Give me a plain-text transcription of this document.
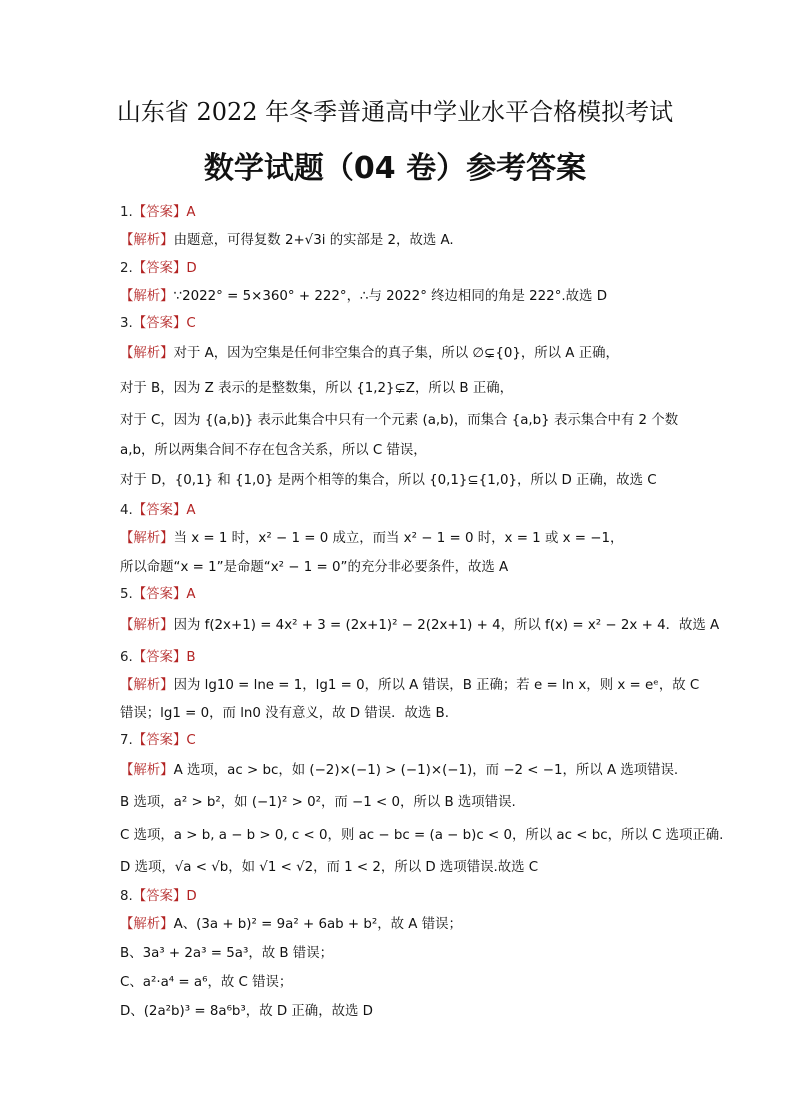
山东省 2022 年冬季普通高中学业水平合格模拟考试
数学试题（04 卷）参考答案
1.【答案】A
【解析】由题意，可得复数 2+√3i 的实部是 2，故选 A.
2.【答案】D
【解析】∵2022° = 5×360° + 222°，∴与 2022° 终边相同的角是 222°.故选 D
3.【答案】C
【解析】对于 A，因为空集是任何非空集合的真子集，所以 ∅⊊{0}，所以 A 正确，
对于 B，因为 Z 表示的是整数集，所以 {1,2}⊊Z，所以 B 正确，
对于 C，因为 {(a,b)} 表示此集合中只有一个元素 (a,b)，而集合 {a,b} 表示集合中有 2 个数
a,b，所以两集合间不存在包含关系，所以 C 错误，
对于 D，{0,1} 和 {1,0} 是两个相等的集合，所以 {0,1}⊆{1,0}，所以 D 正确，故选 C
4.【答案】A
【解析】当 x = 1 时，x² − 1 = 0 成立，而当 x² − 1 = 0 时，x = 1 或 x = −1，
所以命题“x = 1”是命题“x² − 1 = 0”的充分非必要条件，故选 A
5.【答案】A
【解析】因为 f(2x+1) = 4x² + 3 = (2x+1)² − 2(2x+1) + 4，所以 f(x) = x² − 2x + 4．故选 A
6.【答案】B
【解析】因为 lg10 = lne = 1，lg1 = 0，所以 A 错误，B 正确；若 e = ln x，则 x = eᵉ，故 C
错误；lg1 = 0，而 ln0 没有意义，故 D 错误．故选 B.
7.【答案】C
【解析】A 选项，ac > bc，如 (−2)×(−1) > (−1)×(−1)，而 −2 < −1，所以 A 选项错误.
B 选项，a² > b²，如 (−1)² > 0²，而 −1 < 0，所以 B 选项错误.
C 选项，a > b, a − b > 0, c < 0，则 ac − bc = (a − b)c < 0，所以 ac < bc，所以 C 选项正确.
D 选项，√a < √b，如 √1 < √2，而 1 < 2，所以 D 选项错误.故选 C
8.【答案】D
【解析】A、(3a + b)² = 9a² + 6ab + b²，故 A 错误；
B、3a³ + 2a³ = 5a³，故 B 错误；
C、a²·a⁴ = a⁶，故 C 错误；
D、(2a²b)³ = 8a⁶b³，故 D 正确，故选 D
